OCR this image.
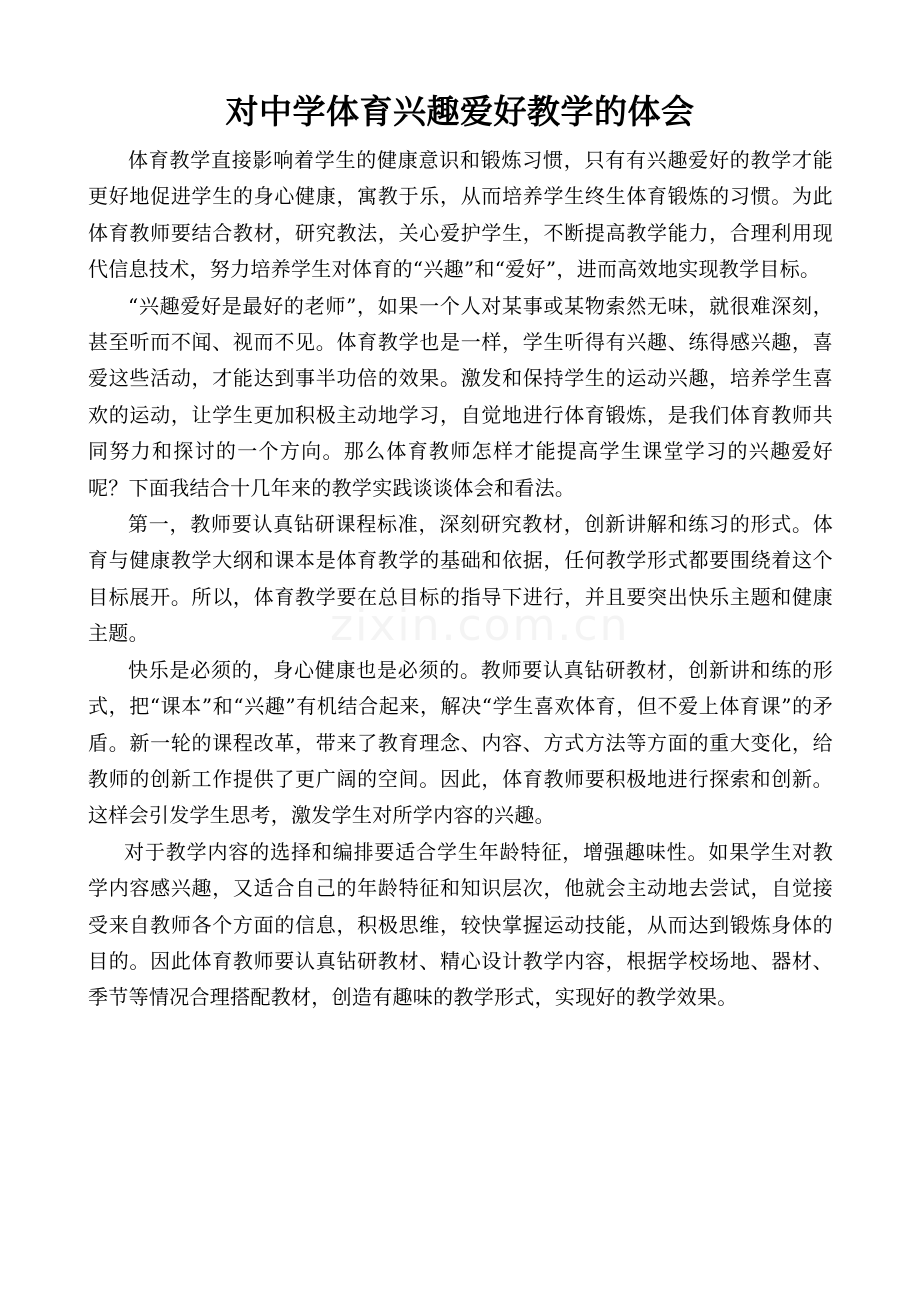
对中学体育兴趣爱好教学的体会

体育教学直接影响着学生的健康意识和锻炼习惯，只有有兴趣爱好的教学才能更好地促进学生的身心健康，寓教于乐，从而培养学生终生体育锻炼的习惯。为此体育教师要结合教材，研究教法，关心爱护学生，不断提高教学能力，合理利用现代信息技术，努力培养学生对体育的“兴趣”和“爱好”，进而高效地实现教学目标。

“兴趣爱好是最好的老师”，如果一个人对某事或某物索然无味，就很难深刻，甚至听而不闻、视而不见。体育教学也是一样，学生听得有兴趣、练得感兴趣，喜爱这些活动，才能达到事半功倍的效果。激发和保持学生的运动兴趣，培养学生喜欢的运动，让学生更加积极主动地学习，自觉地进行体育锻炼，是我们体育教师共同努力和探讨的一个方向。那么体育教师怎样才能提高学生课堂学习的兴趣爱好呢？下面我结合十几年来的教学实践谈谈体会和看法。

第一，教师要认真钻研课程标准，深刻研究教材，创新讲解和练习的形式。体育与健康教学大纲和课本是体育教学的基础和依据，任何教学形式都要围绕着这个目标展开。所以，体育教学要在总目标的指导下进行，并且要突出快乐主题和健康主题。

快乐是必须的，身心健康也是必须的。教师要认真钻研教材，创新讲和练的形式，把“课本”和“兴趣”有机结合起来，解决“学生喜欢体育，但不爱上体育课”的矛盾。新一轮的课程改革，带来了教育理念、内容、方式方法等方面的重大变化，给教师的创新工作提供了更广阔的空间。因此，体育教师要积极地进行探索和创新。这样会引发学生思考，激发学生对所学内容的兴趣。

对于教学内容的选择和编排要适合学生年龄特征，增强趣味性。如果学生对教学内容感兴趣，又适合自己的年龄特征和知识层次，他就会主动地去尝试，自觉接受来自教师各个方面的信息，积极思维，较快掌握运动技能，从而达到锻炼身体的目的。因此体育教师要认真钻研教材、精心设计教学内容，根据学校场地、器材、季节等情况合理搭配教材，创造有趣味的教学形式，实现好的教学效果。

zixin.com.cn
